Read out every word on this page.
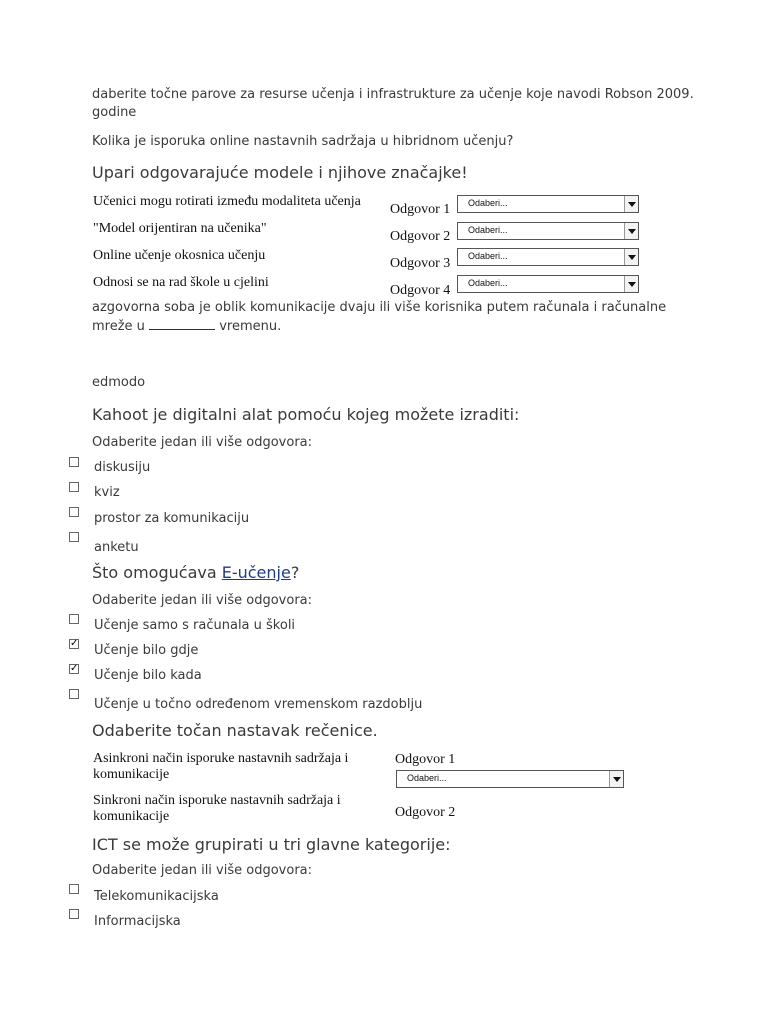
daberite točne parove za resurse učenja i infrastrukture za učenje koje navodi Robson 2009.
godine
Kolika je isporuka online nastavnih sadržaja u hibridnom učenju?
Upari odgovarajuće modele i njihove značajke!
Učenici mogu rotirati između modaliteta učenja
Odgovor 1 Odaberi...
"Model orijentiran na učenika"
Odgovor 2 Odaberi...
Online učenje okosnica učenju
Odgovor 3 Odaberi...
Odnosi se na rad škole u cjelini
Odgovor 4 Odaberi...
azgovorna soba je oblik komunikacije dvaju ili više korisnika putem računala i računalne
mreže u	vremenu.
edmodo
Kahoot je digitalni alat pomoću kojeg možete izraditi:
Odaberite jedan ili više odgovora:
diskusiju
kviz
prostor za komunikaciju
anketu
Što omogućava E-učenje?
Odaberite jedan ili više odgovora:
Učenje samo s računala u školi
✓ Učenje bilo gdje
✓ Učenje bilo kada
Učenje u točno određenom vremenskom razdoblju
Odaberite točan nastavak rečenice.
Asinkroni način isporuke nastavnih sadržaja i
komunikacije
Odgovor 1
Odaberi...
Sinkroni način isporuke nastavnih sadržaja i
komunikacije	Odgovor 2
ICT se može grupirati u tri glavne kategorije:
Odaberite jedan ili više odgovora:
Telekomunikacijska
Informacijska
